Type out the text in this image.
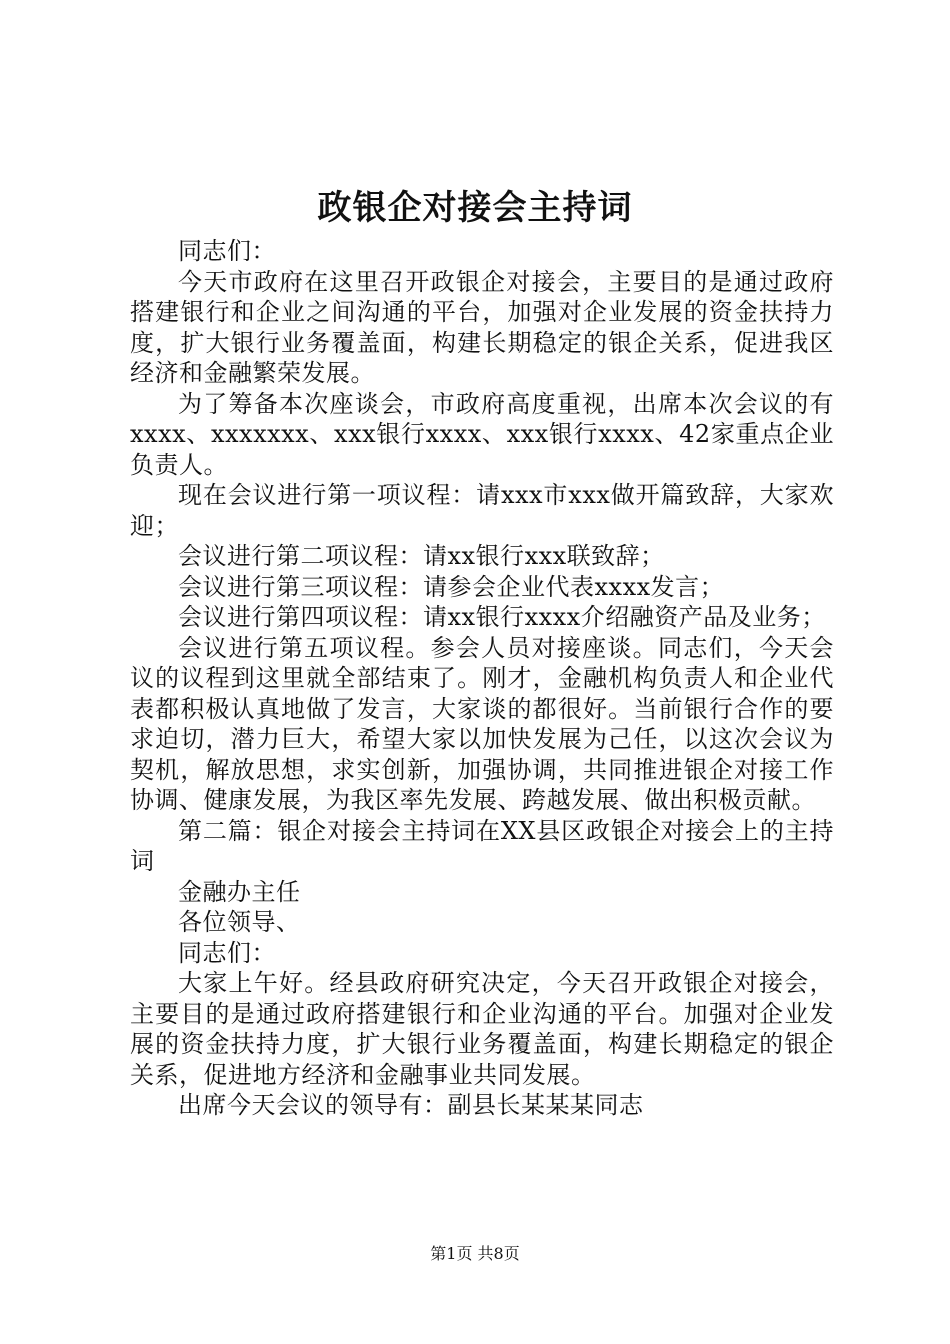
政银企对接会主持词

同志们：

今天市政府在这里召开政银企对接会，主要目的是通过政府搭建银行和企业之间沟通的平台，加强对企业发展的资金扶持力度，扩大银行业务覆盖面，构建长期稳定的银企关系，促进我区经济和金融繁荣发展。

为了筹备本次座谈会，市政府高度重视，出席本次会议的有xxxx、xxxxxxx、xxx银行xxxx、xxx银行xxxx、42家重点企业负责人。

现在会议进行第一项议程：请xxx市xxx做开篇致辞，大家欢迎；

会议进行第二项议程：请xx银行xxx联致辞；

会议进行第三项议程：请参会企业代表xxxx发言；

会议进行第四项议程：请xx银行xxxx介绍融资产品及业务；

会议进行第五项议程。参会人员对接座谈。同志们，今天会议的议程到这里就全部结束了。刚才，金融机构负责人和企业代表都积极认真地做了发言，大家谈的都很好。当前银行合作的要求迫切，潜力巨大，希望大家以加快发展为己任，以这次会议为契机，解放思想，求实创新，加强协调，共同推进银企对接工作协调、健康发展，为我区率先发展、跨越发展、做出积极贡献。

第二篇：银企对接会主持词在XX县区政银企对接会上的主持词

金融办主任

各位领导、

同志们：

大家上午好。经县政府研究决定，今天召开政银企对接会，主要目的是通过政府搭建银行和企业沟通的平台。加强对企业发展的资金扶持力度，扩大银行业务覆盖面，构建长期稳定的银企关系，促进地方经济和金融事业共同发展。

出席今天会议的领导有：副县长某某某同志

第1页 共8页
